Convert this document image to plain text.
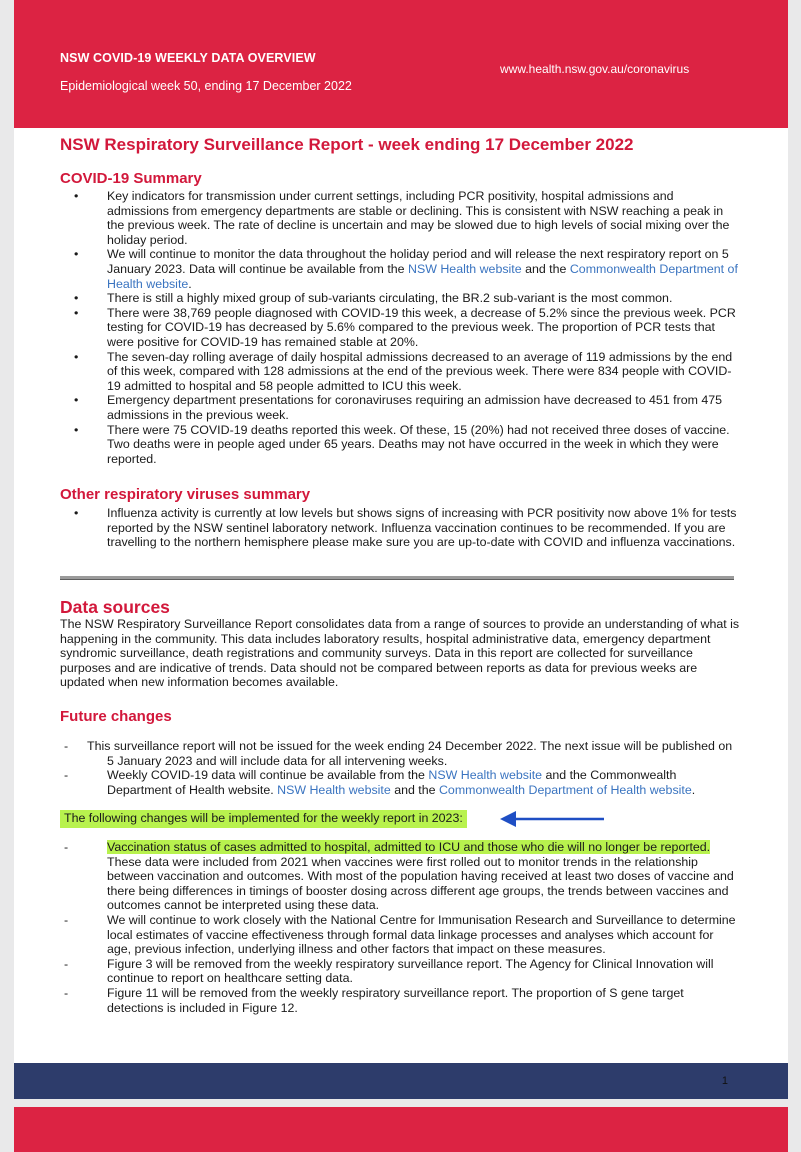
NSW COVID-19 WEEKLY DATA OVERVIEW
Epidemiological week 50, ending 17 December 2022
www.health.nsw.gov.au/coronavirus
NSW Respiratory Surveillance Report - week ending 17 December 2022
COVID-19 Summary
•	Key indicators for transmission under current settings, including PCR positivity, hospital admissions and admissions from emergency departments are stable or declining. This is consistent with NSW reaching a peak in the previous week. The rate of decline is uncertain and may be slowed due to high levels of social mixing over the holiday period.
•	We will continue to monitor the data throughout the holiday period and will release the next respiratory report on 5 January 2023. Data will continue be available from the NSW Health website and the Commonwealth Department of Health website.
•	There is still a highly mixed group of sub-variants circulating, the BR.2 sub-variant is the most common.
•	There were 38,769 people diagnosed with COVID-19 this week, a decrease of 5.2% since the previous week. PCR testing for COVID-19 has decreased by 5.6% compared to the previous week. The proportion of PCR tests that were positive for COVID-19 has remained stable at 20%.
•	The seven-day rolling average of daily hospital admissions decreased to an average of 119 admissions by the end of this week, compared with 128 admissions at the end of the previous week. There were 834 people with COVID-19 admitted to hospital and 58 people admitted to ICU this week.
•	Emergency department presentations for coronaviruses requiring an admission have decreased to 451 from 475 admissions in the previous week.
•	There were 75 COVID-19 deaths reported this week. Of these, 15 (20%) had not received three doses of vaccine. Two deaths were in people aged under 65 years. Deaths may not have occurred in the week in which they were reported.
Other respiratory viruses summary
•	Influenza activity is currently at low levels but shows signs of increasing with PCR positivity now above 1% for tests reported by the NSW sentinel laboratory network. Influenza vaccination continues to be recommended. If you are travelling to the northern hemisphere please make sure you are up-to-date with COVID and influenza vaccinations.
Data sources
The NSW Respiratory Surveillance Report consolidates data from a range of sources to provide an understanding of what is happening in the community. This data includes laboratory results, hospital administrative data, emergency department syndromic surveillance, death registrations and community surveys. Data in this report are collected for surveillance purposes and are indicative of trends. Data should not be compared between reports as data for previous weeks are updated when new information becomes available.
Future changes
-	This surveillance report will not be issued for the week ending 24 December 2022. The next issue will be published on 5 January 2023 and will include data for all intervening weeks.
-	Weekly COVID-19 data will continue be available from the NSW Health website and the Commonwealth Department of Health website. NSW Health website and the Commonwealth Department of Health website.
The following changes will be implemented for the weekly report in 2023:
-	Vaccination status of cases admitted to hospital, admitted to ICU and those who die will no longer be reported. These data were included from 2021 when vaccines were first rolled out to monitor trends in the relationship between vaccination and outcomes. With most of the population having received at least two doses of vaccine and there being differences in timings of booster dosing across different age groups, the trends between vaccines and outcomes cannot be interpreted using these data.
-	We will continue to work closely with the National Centre for Immunisation Research and Surveillance to determine local estimates of vaccine effectiveness through formal data linkage processes and analyses which account for age, previous infection, underlying illness and other factors that impact on these measures.
-	Figure 3 will be removed from the weekly respiratory surveillance report. The Agency for Clinical Innovation will continue to report on healthcare setting data.
-	Figure 11 will be removed from the weekly respiratory surveillance report. The proportion of S gene target detections is included in Figure 12.
1
